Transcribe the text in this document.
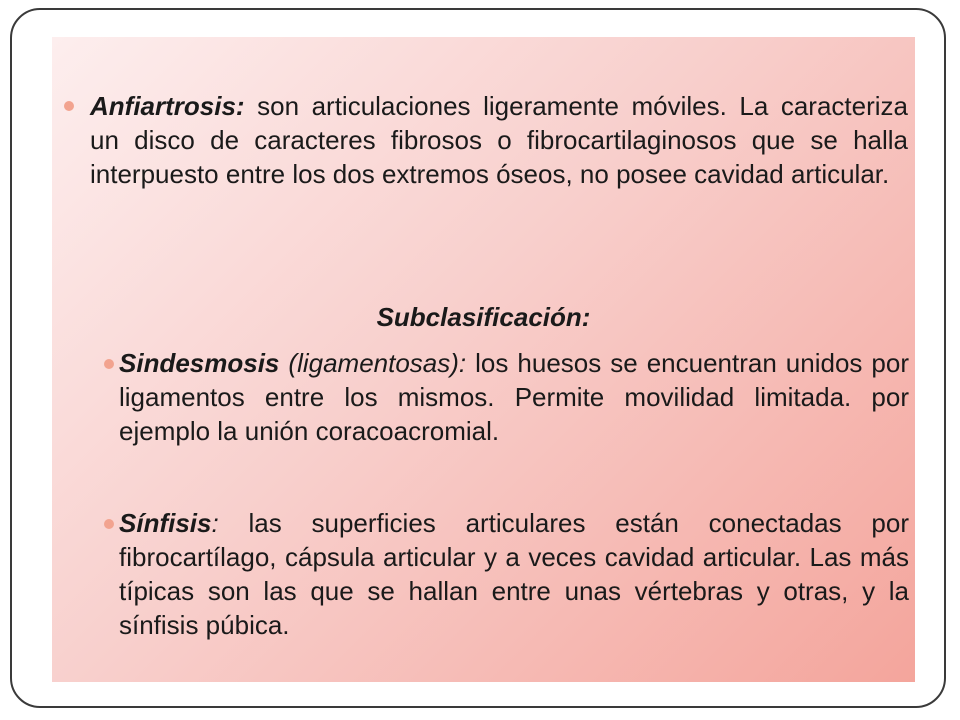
Anfiartrosis: son articulaciones ligeramente móviles. La caracteriza un disco de caracteres fibrosos o fibrocartilaginosos que se halla interpuesto entre los dos extremos óseos, no posee cavidad articular.
Subclasificación:
Sindesmosis (ligamentosas): los huesos se encuentran unidos por ligamentos entre los mismos. Permite movilidad limitada. por ejemplo la unión coracoacromial.
Sínfisis: las superficies articulares están conectadas por fibrocartílago, cápsula articular y a veces cavidad articular. Las más típicas son las que se hallan entre unas vértebras y otras, y la sínfisis púbica.
